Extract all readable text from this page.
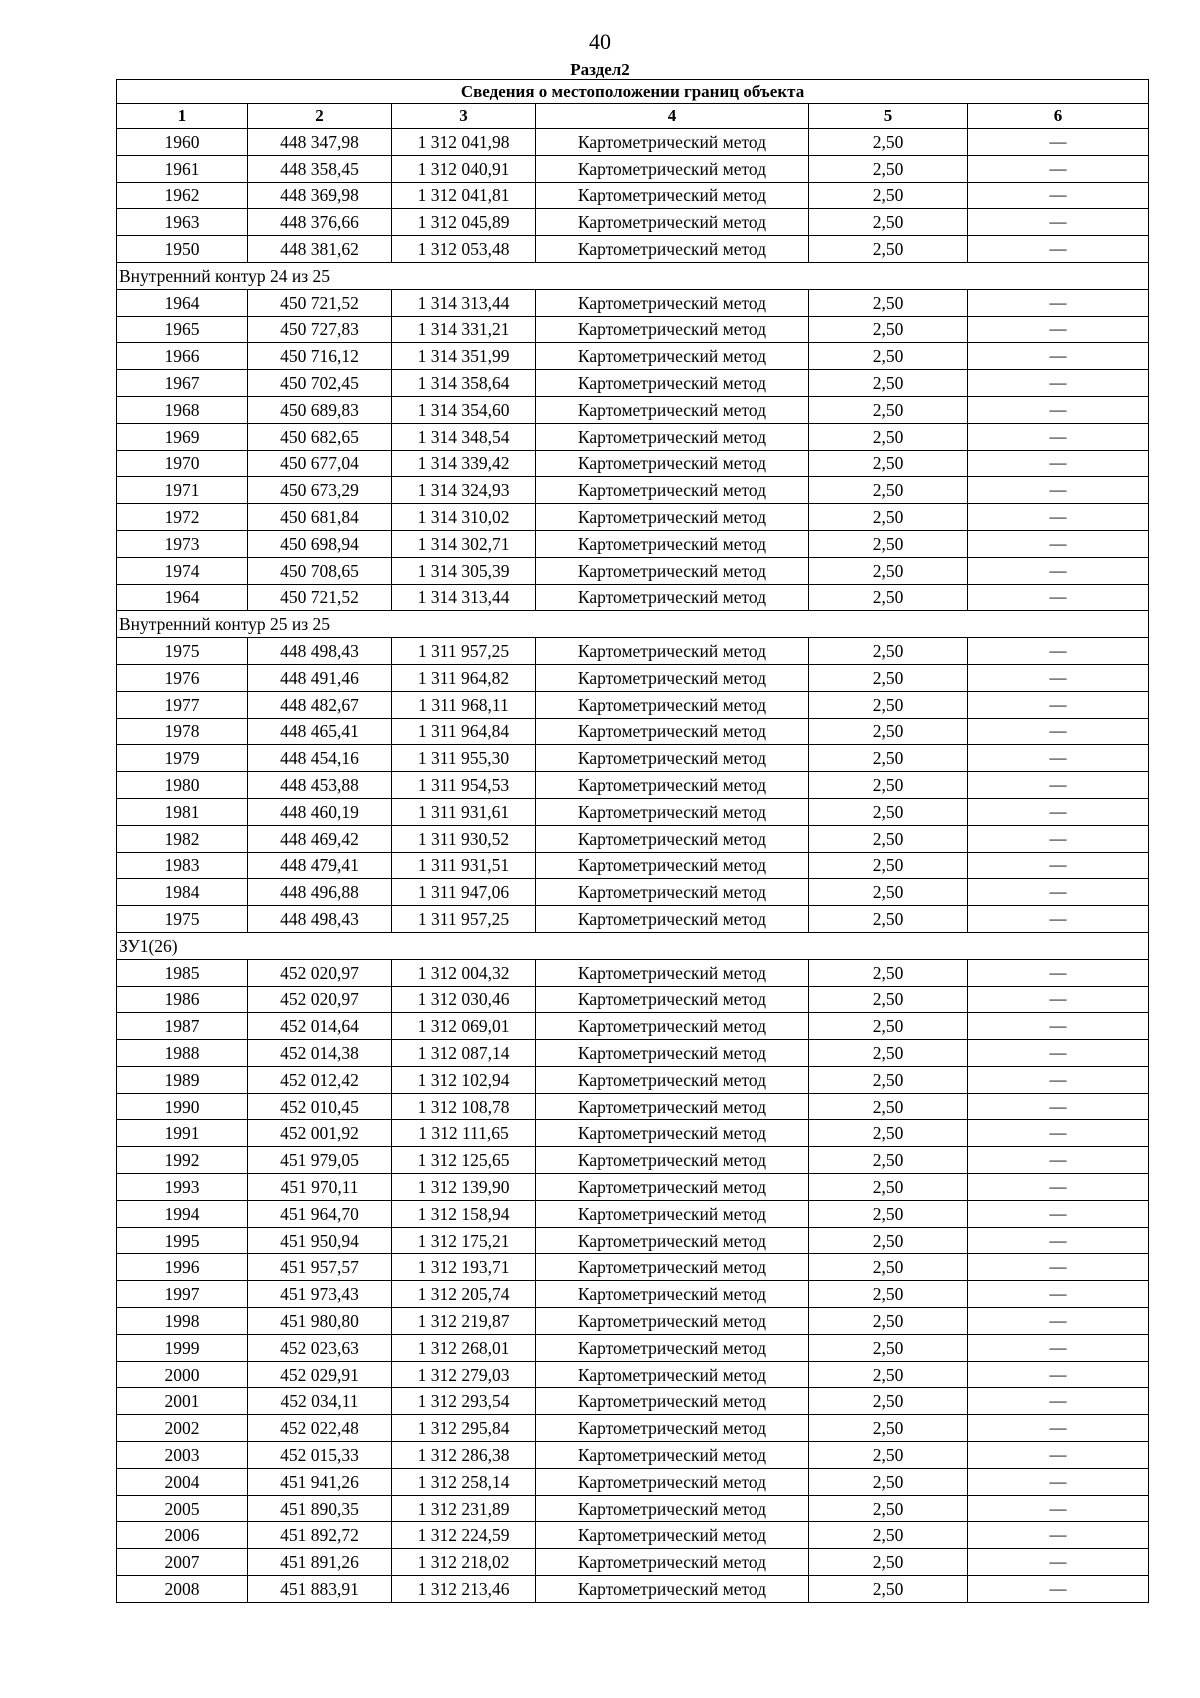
40
Раздел2
Сведения о местоположении границ объекта					
1	2	3	4	5	6
1960	448 347,98	1 312 041,98	Картометрический метод	2,50	—
1961	448 358,45	1 312 040,91	Картометрический метод	2,50	—
1962	448 369,98	1 312 041,81	Картометрический метод	2,50	—
1963	448 376,66	1 312 045,89	Картометрический метод	2,50	—
1950	448 381,62	1 312 053,48	Картометрический метод	2,50	—
Внутренний контур 24 из 25					
1964	450 721,52	1 314 313,44	Картометрический метод	2,50	—
1965	450 727,83	1 314 331,21	Картометрический метод	2,50	—
1966	450 716,12	1 314 351,99	Картометрический метод	2,50	—
1967	450 702,45	1 314 358,64	Картометрический метод	2,50	—
1968	450 689,83	1 314 354,60	Картометрический метод	2,50	—
1969	450 682,65	1 314 348,54	Картометрический метод	2,50	—
1970	450 677,04	1 314 339,42	Картометрический метод	2,50	—
1971	450 673,29	1 314 324,93	Картометрический метод	2,50	—
1972	450 681,84	1 314 310,02	Картометрический метод	2,50	—
1973	450 698,94	1 314 302,71	Картометрический метод	2,50	—
1974	450 708,65	1 314 305,39	Картометрический метод	2,50	—
1964	450 721,52	1 314 313,44	Картометрический метод	2,50	—
Внутренний контур 25 из 25					
1975	448 498,43	1 311 957,25	Картометрический метод	2,50	—
1976	448 491,46	1 311 964,82	Картометрический метод	2,50	—
1977	448 482,67	1 311 968,11	Картометрический метод	2,50	—
1978	448 465,41	1 311 964,84	Картометрический метод	2,50	—
1979	448 454,16	1 311 955,30	Картометрический метод	2,50	—
1980	448 453,88	1 311 954,53	Картометрический метод	2,50	—
1981	448 460,19	1 311 931,61	Картометрический метод	2,50	—
1982	448 469,42	1 311 930,52	Картометрический метод	2,50	—
1983	448 479,41	1 311 931,51	Картометрический метод	2,50	—
1984	448 496,88	1 311 947,06	Картометрический метод	2,50	—
1975	448 498,43	1 311 957,25	Картометрический метод	2,50	—
ЗУ1(26)					
1985	452 020,97	1 312 004,32	Картометрический метод	2,50	—
1986	452 020,97	1 312 030,46	Картометрический метод	2,50	—
1987	452 014,64	1 312 069,01	Картометрический метод	2,50	—
1988	452 014,38	1 312 087,14	Картометрический метод	2,50	—
1989	452 012,42	1 312 102,94	Картометрический метод	2,50	—
1990	452 010,45	1 312 108,78	Картометрический метод	2,50	—
1991	452 001,92	1 312 111,65	Картометрический метод	2,50	—
1992	451 979,05	1 312 125,65	Картометрический метод	2,50	—
1993	451 970,11	1 312 139,90	Картометрический метод	2,50	—
1994	451 964,70	1 312 158,94	Картометрический метод	2,50	—
1995	451 950,94	1 312 175,21	Картометрический метод	2,50	—
1996	451 957,57	1 312 193,71	Картометрический метод	2,50	—
1997	451 973,43	1 312 205,74	Картометрический метод	2,50	—
1998	451 980,80	1 312 219,87	Картометрический метод	2,50	—
1999	452 023,63	1 312 268,01	Картометрический метод	2,50	—
2000	452 029,91	1 312 279,03	Картометрический метод	2,50	—
2001	452 034,11	1 312 293,54	Картометрический метод	2,50	—
2002	452 022,48	1 312 295,84	Картометрический метод	2,50	—
2003	452 015,33	1 312 286,38	Картометрический метод	2,50	—
2004	451 941,26	1 312 258,14	Картометрический метод	2,50	—
2005	451 890,35	1 312 231,89	Картометрический метод	2,50	—
2006	451 892,72	1 312 224,59	Картометрический метод	2,50	—
2007	451 891,26	1 312 218,02	Картометрический метод	2,50	—
2008	451 883,91	1 312 213,46	Картометрический метод	2,50	—
